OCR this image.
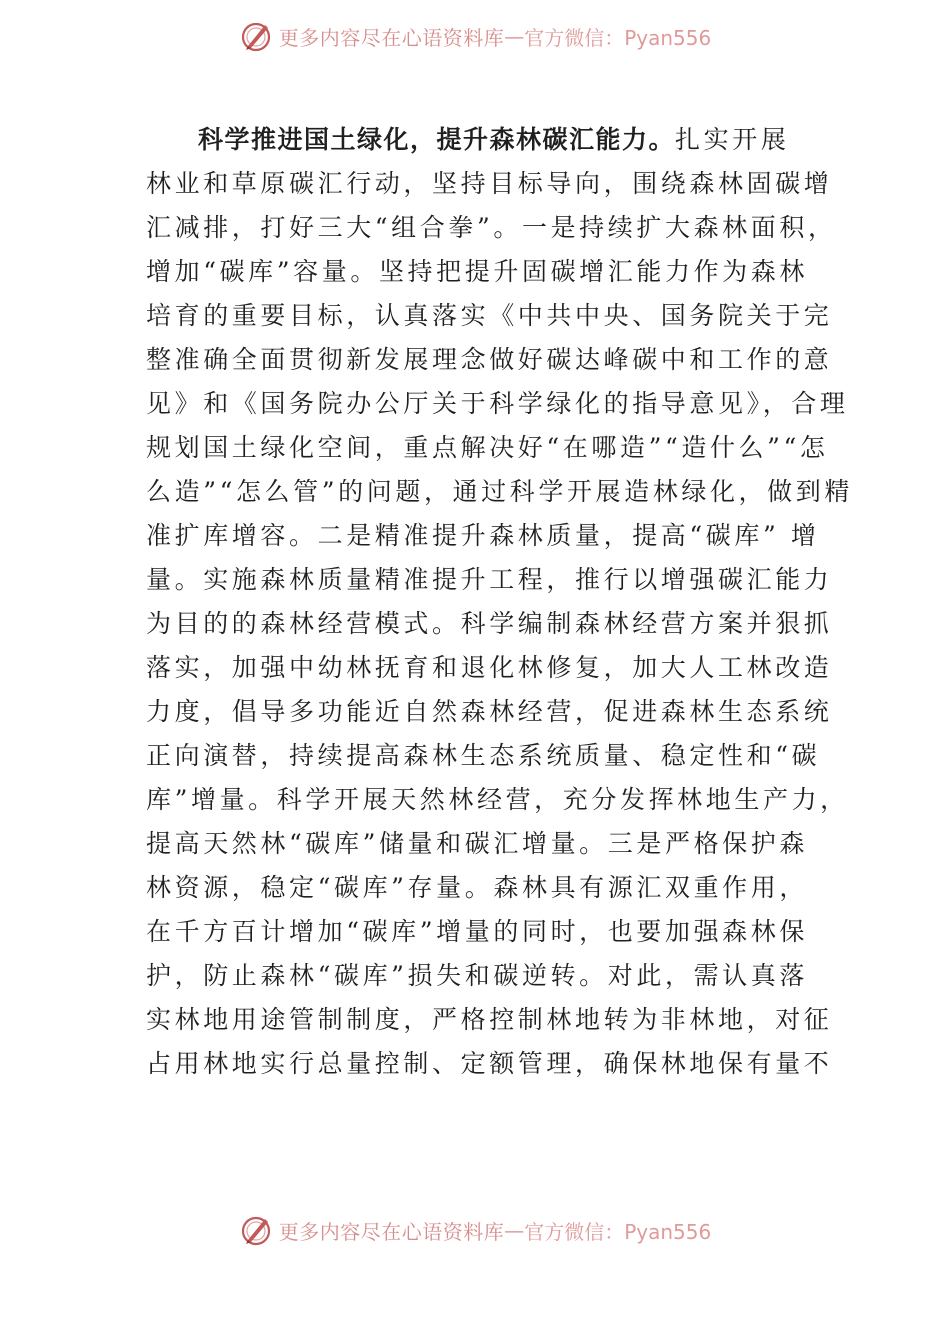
更多内容尽在心语资料库 — 官方微信：Pyan556
科学推进国土绿化，提升森林碳汇能力。扎实开展
林业和草原碳汇行动，坚持目标导向，围绕森林固碳增
汇减排，打好三大“组合拳”。一是持续扩大森林面积，
增加“碳库”容量。坚持把提升固碳增汇能力作为森林
培育的重要目标，认真落实《中共中央、国务院关于完
整准确全面贯彻新发展理念做好碳达峰碳中和工作的意
见》和《国务院办公厅关于科学绿化的指导意见》，合理
规划国土绿化空间，重点解决好“在哪造”“造什么”“怎
么造”“怎么管”的问题，通过科学开展造林绿化，做到精
准扩库增容。二是精准提升森林质量，提高“碳库” 增
量。实施森林质量精准提升工程，推行以增强碳汇能力
为目的的森林经营模式。科学编制森林经营方案并狠抓
落实，加强中幼林抚育和退化林修复，加大人工林改造
力度，倡导多功能近自然森林经营，促进森林生态系统
正向演替，持续提高森林生态系统质量、稳定性和“碳
库”增量。科学开展天然林经营，充分发挥林地生产力，
提高天然林“碳库”储量和碳汇增量。三是严格保护森
林资源，稳定“碳库”存量。森林具有源汇双重作用，
在千方百计增加“碳库”增量的同时，也要加强森林保
护，防止森林“碳库”损失和碳逆转。对此，需认真落
实林地用途管制制度，严格控制林地转为非林地，对征
占用林地实行总量控制、定额管理，确保林地保有量不
更多内容尽在心语资料库 — 官方微信：Pyan556
